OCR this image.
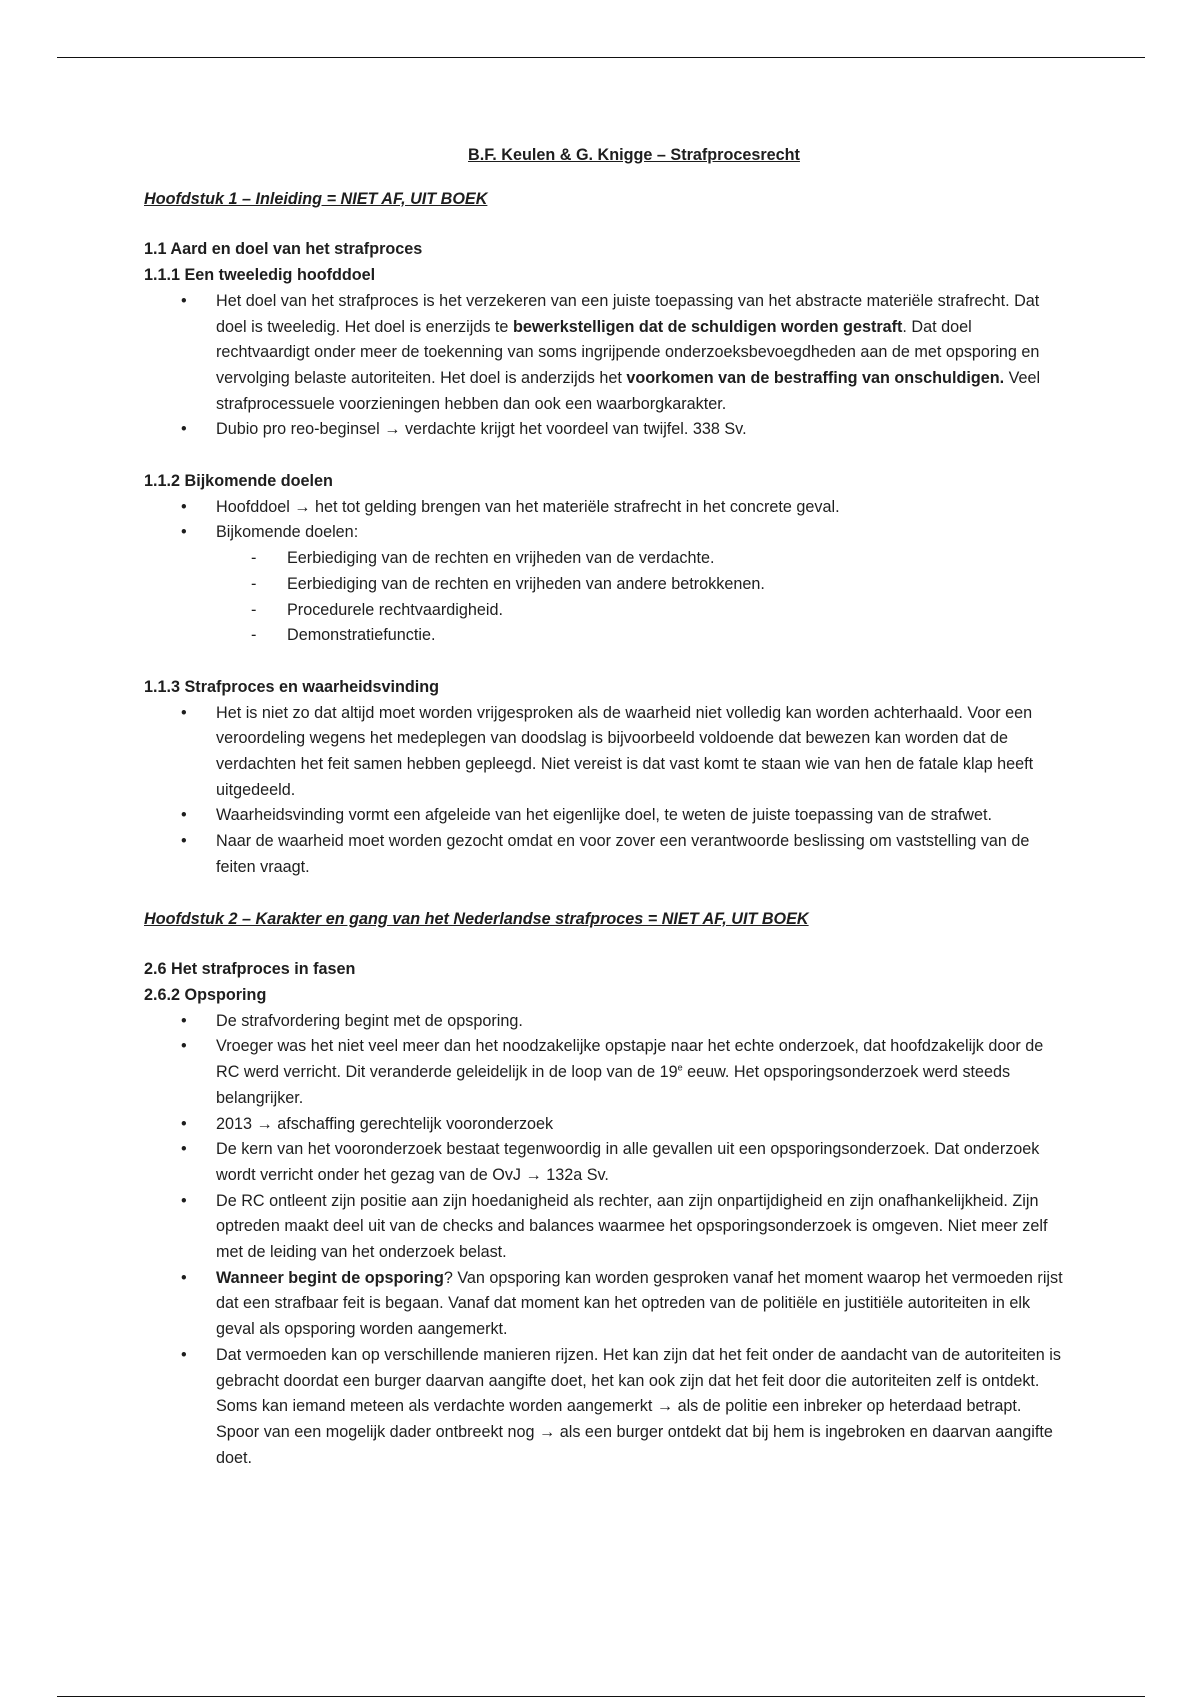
B.F. Keulen & G. Knigge – Strafprocesrecht
Hoofdstuk 1 – Inleiding = NIET AF, UIT BOEK
1.1 Aard en doel van het strafproces
1.1.1 Een tweeledig hoofddoel
• Het doel van het strafproces is het verzekeren van een juiste toepassing van het abstracte materiële strafrecht. Dat doel is tweeledig. Het doel is enerzijds te bewerkstelligen dat de schuldigen worden gestraft. Dat doel rechtvaardigt onder meer de toekenning van soms ingrijpende onderzoeksbevoegdheden aan de met opsporing en vervolging belaste autoriteiten. Het doel is anderzijds het voorkomen van de bestraffing van onschuldigen. Veel strafprocessuele voorzieningen hebben dan ook een waarborgkarakter.
• Dubio pro reo-beginsel → verdachte krijgt het voordeel van twijfel. 338 Sv.
1.1.2 Bijkomende doelen
• Hoofddoel → het tot gelding brengen van het materiële strafrecht in het concrete geval.
• Bijkomende doelen:
- Eerbiediging van de rechten en vrijheden van de verdachte.
- Eerbiediging van de rechten en vrijheden van andere betrokkenen.
- Procedurele rechtvaardigheid.
- Demonstratiefunctie.
1.1.3 Strafproces en waarheidsvinding
• Het is niet zo dat altijd moet worden vrijgesproken als de waarheid niet volledig kan worden achterhaald. Voor een veroordeling wegens het medeplegen van doodslag is bijvoorbeeld voldoende dat bewezen kan worden dat de verdachten het feit samen hebben gepleegd. Niet vereist is dat vast komt te staan wie van hen de fatale klap heeft uitgedeeld.
• Waarheidsvinding vormt een afgeleide van het eigenlijke doel, te weten de juiste toepassing van de strafwet.
• Naar de waarheid moet worden gezocht omdat en voor zover een verantwoorde beslissing om vaststelling van de feiten vraagt.
Hoofdstuk 2 – Karakter en gang van het Nederlandse strafproces = NIET AF, UIT BOEK
2.6 Het strafproces in fasen
2.6.2 Opsporing
• De strafvordering begint met de opsporing.
• Vroeger was het niet veel meer dan het noodzakelijke opstapje naar het echte onderzoek, dat hoofdzakelijk door de RC werd verricht. Dit veranderde geleidelijk in de loop van de 19e eeuw. Het opsporingsonderzoek werd steeds belangrijker.
• 2013 → afschaffing gerechtelijk vooronderzoek
• De kern van het vooronderzoek bestaat tegenwoordig in alle gevallen uit een opsporingsonderzoek. Dat onderzoek wordt verricht onder het gezag van de OvJ → 132a Sv.
• De RC ontleent zijn positie aan zijn hoedanigheid als rechter, aan zijn onpartijdigheid en zijn onafhankelijkheid. Zijn optreden maakt deel uit van de checks and balances waarmee het opsporingsonderzoek is omgeven. Niet meer zelf met de leiding van het onderzoek belast.
• Wanneer begint de opsporing? Van opsporing kan worden gesproken vanaf het moment waarop het vermoeden rijst dat een strafbaar feit is begaan. Vanaf dat moment kan het optreden van de politiële en justitiële autoriteiten in elk geval als opsporing worden aangemerkt.
• Dat vermoeden kan op verschillende manieren rijzen. Het kan zijn dat het feit onder de aandacht van de autoriteiten is gebracht doordat een burger daarvan aangifte doet, het kan ook zijn dat het feit door die autoriteiten zelf is ontdekt. Soms kan iemand meteen als verdachte worden aangemerkt → als de politie een inbreker op heterdaad betrapt. Spoor van een mogelijk dader ontbreekt nog → als een burger ontdekt dat bij hem is ingebroken en daarvan aangifte doet.
